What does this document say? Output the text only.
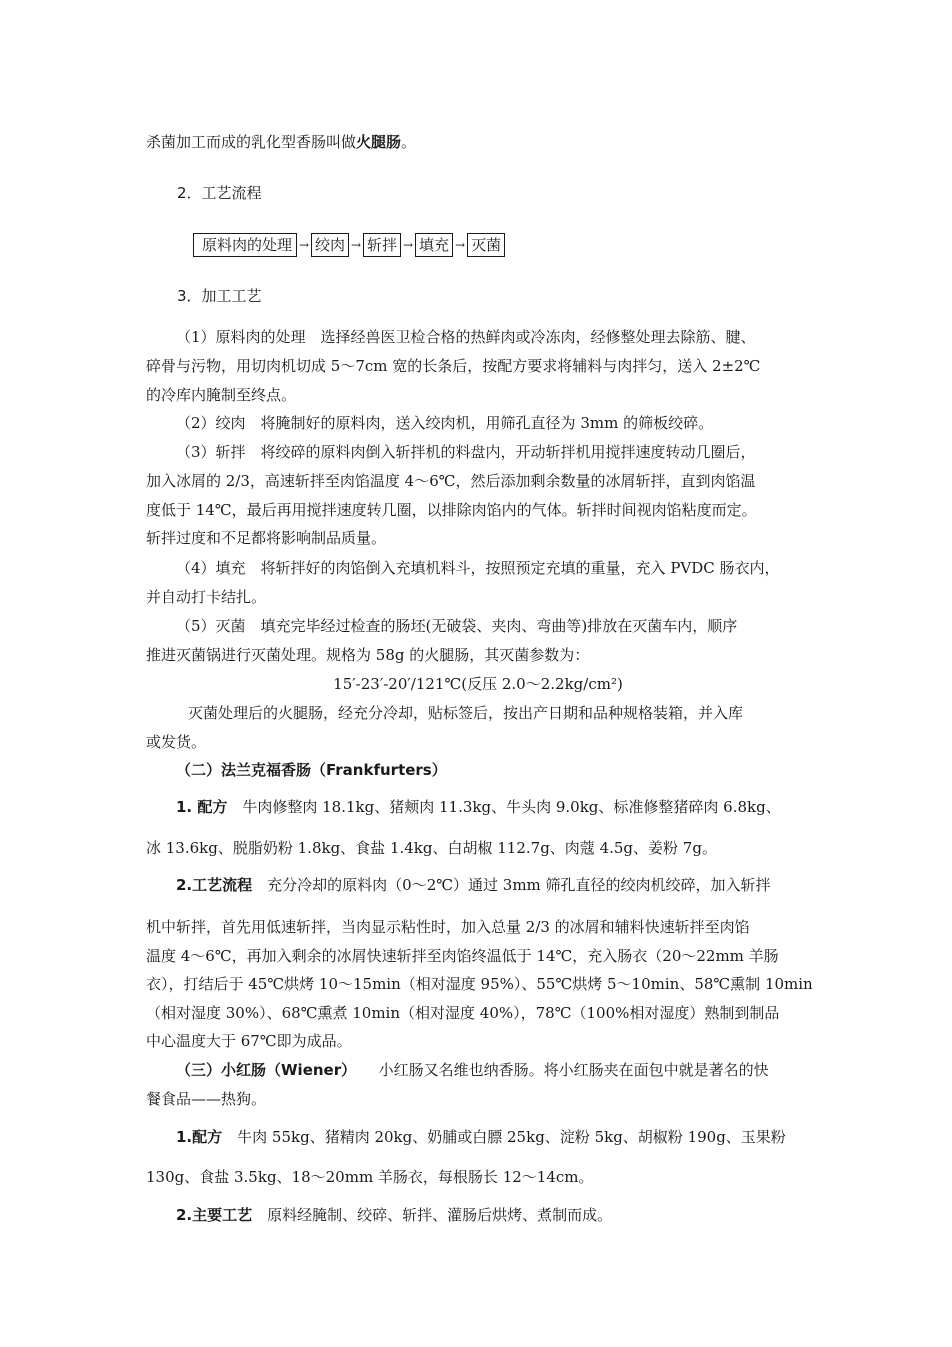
杀菌加工而成的乳化型香肠叫做火腿肠。
2．工艺流程
原料肉的处理 → 绞肉 → 斩拌 → 填充 → 灭菌
3．加工工艺
（1）原料肉的处理　选择经兽医卫检合格的热鲜肉或冷冻肉，经修整处理去除筋、腱、
碎骨与污物，用切肉机切成 5～7cm 宽的长条后，按配方要求将辅料与肉拌匀，送入 2±2℃
的冷库内腌制至终点。
（2）绞肉　将腌制好的原料肉，送入绞肉机，用筛孔直径为 3mm 的筛板绞碎。
（3）斩拌　将绞碎的原料肉倒入斩拌机的料盘内，开动斩拌机用搅拌速度转动几圈后，
加入冰屑的 2/3，高速斩拌至肉馅温度 4～6℃，然后添加剩余数量的冰屑斩拌，直到肉馅温
度低于 14℃，最后再用搅拌速度转几圈，以排除肉馅内的气体。斩拌时间视肉馅粘度而定。
斩拌过度和不足都将影响制品质量。
（4）填充　将斩拌好的肉馅倒入充填机料斗，按照预定充填的重量，充入 PVDC 肠衣内，
并自动打卡结扎。
（5）灭菌　填充完毕经过检查的肠坯(无破袋、夹肉、弯曲等)排放在灭菌车内，顺序
推进灭菌锅进行灭菌处理。规格为 58g 的火腿肠，其灭菌参数为：
15′-23′-20′/121℃(反压 2.0～2.2kg/cm²)
灭菌处理后的火腿肠，经充分冷却，贴标签后，按出产日期和品种规格装箱，并入库
或发货。
（二）法兰克福香肠（Frankfurters）
1. 配方　 牛肉修整肉 18.1kg、猪颊肉 11.3kg、牛头肉 9.0kg、标准修整猪碎肉 6.8kg、
冰 13.6kg、脱脂奶粉 1.8kg、食盐 1.4kg、白胡椒 112.7g、肉蔻 4.5g、姜粉 7g。
2.工艺流程　 充分冷却的原料肉（0～2℃）通过 3mm 筛孔直径的绞肉机绞碎，加入斩拌
机中斩拌，首先用低速斩拌，当肉显示粘性时，加入总量 2/3 的冰屑和辅料快速斩拌至肉馅
温度 4～6℃，再加入剩余的冰屑快速斩拌至肉馅终温低于 14℃，充入肠衣（20～22mm 羊肠
衣），打结后于 45℃烘烤 10～15min（相对湿度 95%）、55℃烘烤 5～10min、58℃熏制 10min
（相对湿度 30%）、68℃熏煮 10min（相对湿度 40%），78℃（100%相对湿度）熟制到制品
中心温度大于 67℃即为成品。
（三）小红肠（Wiener）　　 小红肠又名维也纳香肠。将小红肠夹在面包中就是著名的快
餐食品——热狗。
1.配方　 牛肉 55kg、猪精肉 20kg、奶脯或白膘 25kg、淀粉 5kg、胡椒粉 190g、玉果粉
130g、食盐 3.5kg、18～20mm 羊肠衣，每根肠长 12～14cm。
2.主要工艺　 原料经腌制、绞碎、斩拌、灌肠后烘烤、煮制而成。
